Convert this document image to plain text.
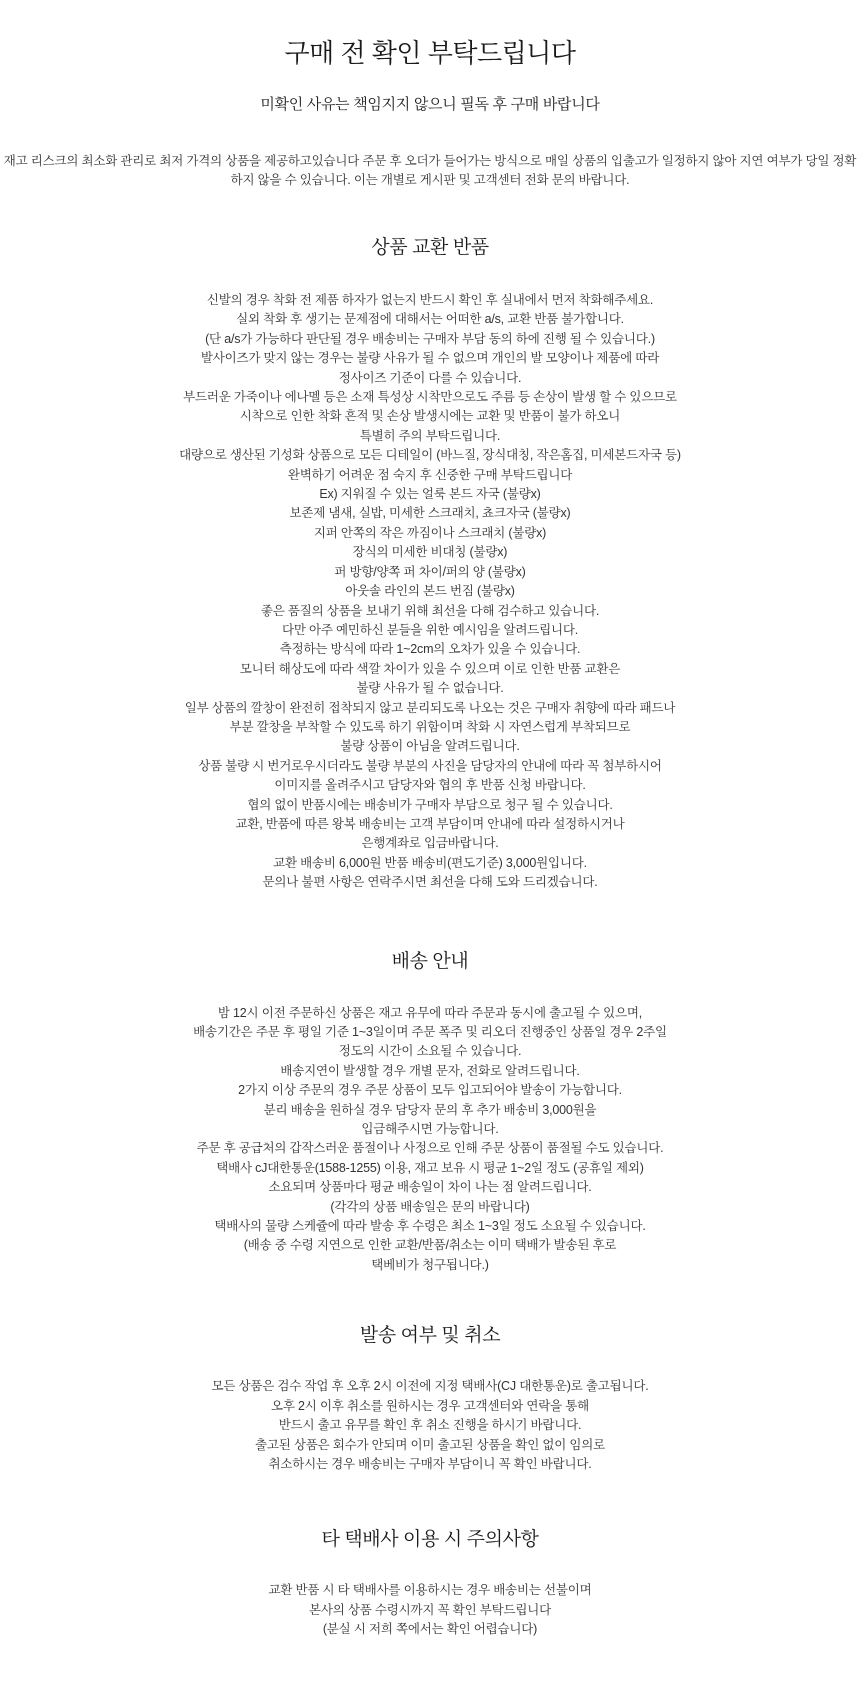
구매 전 확인 부탁드립니다

미확인 사유는 책임지지 않으니 필독 후 구매 바랍니다

재고 리스크의 최소화 관리로 최저 가격의 상품을 제공하고있습니다 주문 후 오더가 들어가는 방식으로 매일 상품의 입출고가 일정하지 않아 지연 여부가 당일 정확하지 않을 수 있습니다. 이는 개별로 게시판 및 고객센터 전화 문의 바랍니다.

상품 교환 반품

신발의 경우 착화 전 제품 하자가 없는지 반드시 확인 후 실내에서 먼저 착화해주세요.
실외 착화 후 생기는 문제점에 대해서는 어떠한 a/s, 교환 반품 불가합니다.
(단 a/s가 가능하다 판단될 경우 배송비는 구매자 부담 동의 하에 진행 될 수 있습니다.)
발사이즈가 맞지 않는 경우는 불량 사유가 될 수 없으며 개인의 발 모양이나 제품에 따라
정사이즈 기준이 다를 수 있습니다.
부드러운 가죽이나 에나멜 등은 소재 특성상 시착만으로도 주름 등 손상이 발생 할 수 있으므로
시착으로 인한 착화 흔적 및 손상 발생시에는 교환 및 반품이 불가 하오니
특별히 주의 부탁드립니다.
대량으로 생산된 기성화 상품으로 모든 디테일이 (바느질, 장식대칭, 작은홈집, 미세본드자국 등)
완벽하기 어려운 점 숙지 후 신중한 구매 부탁드립니다
Ex) 지워질 수 있는 얼룩 본드 자국 (불량x)
보존제 냄새, 실밥, 미세한 스크래치, 쵸크자국 (불량x)
지퍼 안쪽의 작은 까짐이나 스크래치 (불량x)
장식의 미세한 비대칭 (불량x)
퍼 방향/양쪽 퍼 차이/퍼의 양 (불량x)
아웃솔 라인의 본드 번짐 (불량x)
좋은 품질의 상품을 보내기 위해 최선을 다해 검수하고 있습니다.
다만 아주 예민하신 분들을 위한 예시임을 알려드립니다.
측정하는 방식에 따라 1~2cm의 오차가 있을 수 있습니다.
모니터 해상도에 따라 색깔 차이가 있을 수 있으며 이로 인한 반품 교환은
불량 사유가 될 수 없습니다.
일부 상품의 깔창이 완전히 접착되지 않고 분리되도록 나오는 것은 구매자 취향에 따라 패드나
부분 깔창을 부착할 수 있도록 하기 위함이며 착화 시 자연스럽게 부착되므로
불량 상품이 아님을 알려드립니다.
상품 불량 시 번거로우시더라도 불량 부분의 사진을 담당자의 안내에 따라 꼭 첨부하시어
이미지를 올려주시고 담당자와 협의 후 반품 신청 바랍니다.
협의 없이 반품시에는 배송비가 구매자 부담으로 청구 될 수 있습니다.
교환, 반품에 따른 왕복 배송비는 고객 부담이며 안내에 따라 설정하시거나
은행계좌로 입금바랍니다.
교환 배송비 6,000원 반품 배송비(편도기준) 3,000원입니다.
문의나 불편 사항은 연락주시면 최선을 다해 도와 드리겠습니다.

배송 안내

밤 12시 이전 주문하신 상품은 재고 유무에 따라 주문과 동시에 출고될 수 있으며,
배송기간은 주문 후 평일 기준 1~3일이며 주문 폭주 및 리오더 진행중인 상품일 경우 2주일
정도의 시간이 소요될 수 있습니다.
배송지연이 발생할 경우 개별 문자, 전화로 알려드립니다.
2가지 이상 주문의 경우 주문 상품이 모두 입고되어야 발송이 가능합니다.
분리 배송을 원하실 경우 담당자 문의 후 추가 배송비 3,000원을
입금해주시면 가능합니다.
주문 후 공급처의 갑작스러운 품절이나 사정으로 인해 주문 상품이 품절될 수도 있습니다.
택배사 cJ대한통운(1588-1255) 이용, 재고 보유 시 평균 1~2일 정도 (공휴일 제외)
소요되며 상품마다 평균 배송일이 차이 나는 점 알려드립니다.
(각각의 상품 배송일은 문의 바랍니다)
택배사의 물량 스케쥴에 따라 발송 후 수령은 최소 1~3일 정도 소요될 수 있습니다.
(배송 중 수령 지연으로 인한 교환/반품/취소는 이미 택배가 발송된 후로
택베비가 청구됩니다.)

발송 여부 및 취소

모든 상품은 검수 작업 후 오후 2시 이전에 지정 택배사(CJ 대한통운)로 출고됩니다.
오후 2시 이후 취소를 원하시는 경우 고객센터와 연락을 통해
반드시 출고 유무를 확인 후 취소 진행을 하시기 바랍니다.
출고된 상품은 회수가 안되며 이미 출고된 상품을 확인 없이 임의로
취소하시는 경우 배송비는 구매자 부담이니 꼭 확인 바랍니다.

타 택배사 이용 시 주의사항

교환 반품 시 타 택배사를 이용하시는 경우 배송비는 선불이며
본사의 상품 수령시까지 꼭 확인 부탁드립니다
(분실 시 저희 쪽에서는 확인 어렵습니다)
